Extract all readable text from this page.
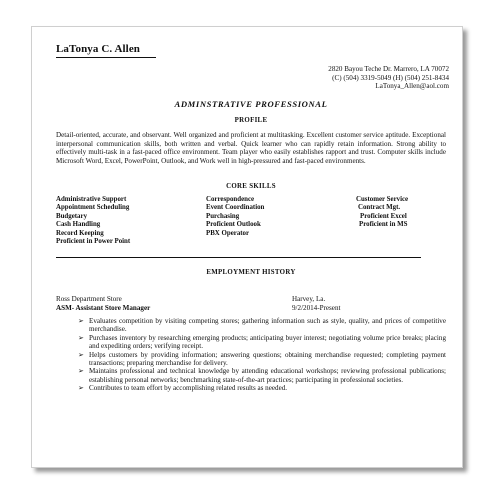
LaTonya C. Allen
2820 Bayou Teche Dr. Marrero, LA 70072
(C) (504) 3319-5049 (H) (504) 251-8434
LaTonya_Allen@aol.com
ADMINSTRATIVE PROFESSIONAL
PROFILE
Detail-oriented, accurate, and observant. Well organized and proficient at multitasking. Excellent customer service aptitude. Exceptional interpersonal communication skills, both written and verbal. Quick learner who can rapidly retain information. Strong ability to effectively multi-task in a fast-paced office environment. Team player who easily establishes rapport and trust. Computer skills include Microsoft Word, Excel, PowerPoint, Outlook, and Work well in high-pressured and fast-paced environments.
CORE SKILLS
Administrative Support	Correspondence	Customer Service
Appointment Scheduling	Event Coordination	Contract Mgt.
Budgetary	Purchasing	Proficient Excel
Cash Handling	Proficient Outlook	Proficient in MS
Record Keeping	PBX Operator
Proficient in Power Point
EMPLOYMENT HISTORY
Ross Department Store	Harvey, La.
ASM- Assistant Store Manager	9/2/2014-Present
➢ Evaluates competition by visiting competing stores; gathering information such as style, quality, and prices of competitive merchandise.
➢ Purchases inventory by researching emerging products; anticipating buyer interest; negotiating volume price breaks; placing and expediting orders; verifying receipt.
➢ Helps customers by providing information; answering questions; obtaining merchandise requested; completing payment transactions; preparing merchandise for delivery.
➢ Maintains professional and technical knowledge by attending educational workshops; reviewing professional publications; establishing personal networks; benchmarking state-of-the-art practices; participating in professional societies.
➢ Contributes to team effort by accomplishing related results as needed.
